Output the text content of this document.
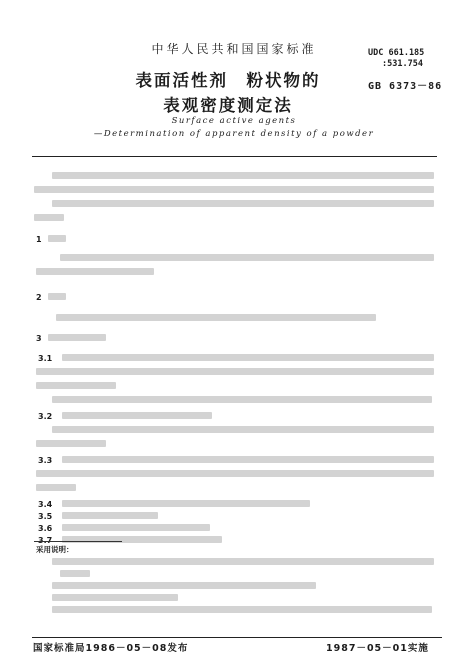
中华人民共和国国家标准	UDC 661.185
:531.754
GB 6373－86
表面活性剂　粉状物的
表观密度测定法
Surface active agents
—Determination of apparent density of a powder
1
2
3
3.1
3.2
3.3
3.4
3.5
3.6
3.7
采用说明：
国家标准局1986－05－08发布	1987－05－01实施
